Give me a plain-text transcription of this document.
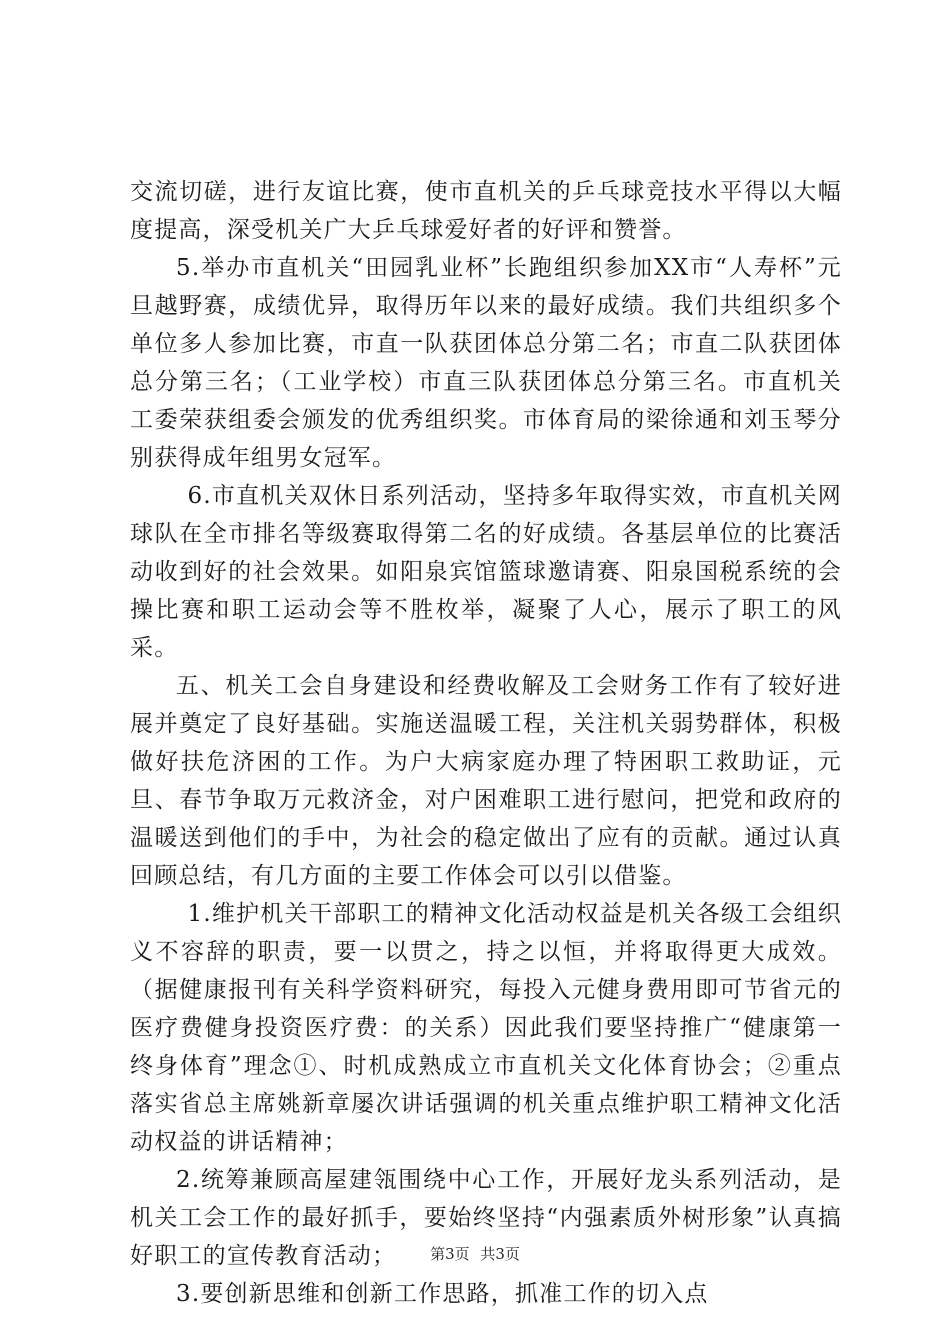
交流切磋，进行友谊比赛，使市直机关的乒乓球竞技水平得以大幅度提高，深受机关广大乒乓球爱好者的好评和赞誉。

5.举办市直机关“田园乳业杯”长跑组织参加XX市“人寿杯”元旦越野赛，成绩优异，取得历年以来的最好成绩。我们共组织多个单位多人参加比赛，市直一队获团体总分第二名；市直二队获团体总分第三名；（工业学校）市直三队获团体总分第三名。市直机关工委荣获组委会颁发的优秀组织奖。市体育局的梁徐通和刘玉琴分别获得成年组男女冠军。

6.市直机关双休日系列活动，坚持多年取得实效，市直机关网球队在全市排名等级赛取得第二名的好成绩。各基层单位的比赛活动收到好的社会效果。如阳泉宾馆篮球邀请赛、阳泉国税系统的会操比赛和职工运动会等不胜枚举，凝聚了人心，展示了职工的风采。

五、机关工会自身建设和经费收解及工会财务工作有了较好进展并奠定了良好基础。实施送温暖工程，关注机关弱势群体，积极做好扶危济困的工作。为户大病家庭办理了特困职工救助证，元旦、春节争取万元救济金，对户困难职工进行慰问，把党和政府的温暖送到他们的手中，为社会的稳定做出了应有的贡献。通过认真回顾总结，有几方面的主要工作体会可以引以借鉴。

1.维护机关干部职工的精神文化活动权益是机关各级工会组织义不容辞的职责，要一以贯之，持之以恒，并将取得更大成效。（据健康报刊有关科学资料研究，每投入元健身费用即可节省元的医疗费健身投资医疗费：的关系）因此我们要坚持推广“健康第一终身体育”理念①、时机成熟成立市直机关文化体育协会；②重点落实省总主席姚新章屡次讲话强调的机关重点维护职工精神文化活动权益的讲话精神；

2.统筹兼顾高屋建瓴围绕中心工作，开展好龙头系列活动，是机关工会工作的最好抓手，要始终坚持“内强素质外树形象”认真搞好职工的宣传教育活动；

3.要创新思维和创新工作思路，抓准工作的切入点

第3页 共3页
